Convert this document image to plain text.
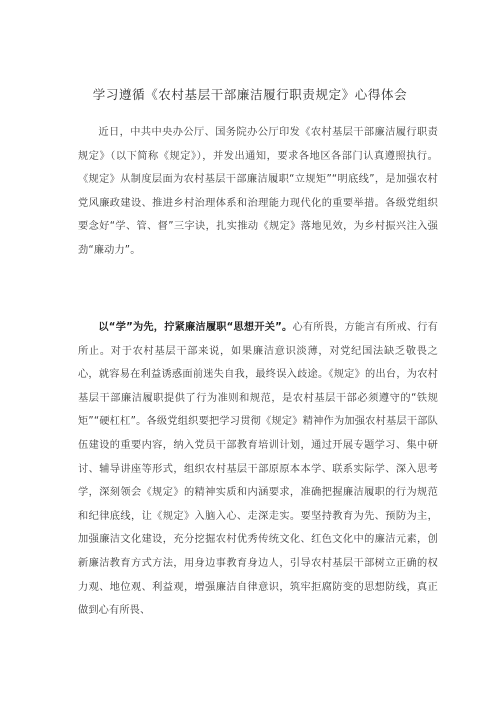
学习遵循《农村基层干部廉洁履行职责规定》心得体会

近日，中共中央办公厅、国务院办公厅印发《农村基层干部廉洁履行职责规定》（以下简称《规定》），并发出通知，要求各地区各部门认真遵照执行。《规定》从制度层面为农村基层干部廉洁履职“立规矩”“明底线”，是加强农村党风廉政建设、推进乡村治理体系和治理能力现代化的重要举措。各级党组织要念好“学、管、督”三字诀，扎实推动《规定》落地见效，为乡村振兴注入强劲“廉动力”。

以“学”为先，拧紧廉洁履职“思想开关”。心有所畏，方能言有所戒、行有所止。对于农村基层干部来说，如果廉洁意识淡薄，对党纪国法缺乏敬畏之心，就容易在利益诱惑面前迷失自我，最终误入歧途。《规定》的出台，为农村基层干部廉洁履职提供了行为准则和规范，是农村基层干部必须遵守的“铁规矩”“硬杠杠”。各级党组织要把学习贯彻《规定》精神作为加强农村基层干部队伍建设的重要内容，纳入党员干部教育培训计划，通过开展专题学习、集中研讨、辅导讲座等形式，组织农村基层干部原原本本学、联系实际学、深入思考学，深刻领会《规定》的精神实质和内涵要求，准确把握廉洁履职的行为规范和纪律底线，让《规定》入脑入心、走深走实。要坚持教育为先、预防为主，加强廉洁文化建设，充分挖掘农村优秀传统文化、红色文化中的廉洁元素，创新廉洁教育方式方法，用身边事教育身边人，引导农村基层干部树立正确的权力观、地位观、利益观，增强廉洁自律意识，筑牢拒腐防变的思想防线，真正做到心有所畏、
